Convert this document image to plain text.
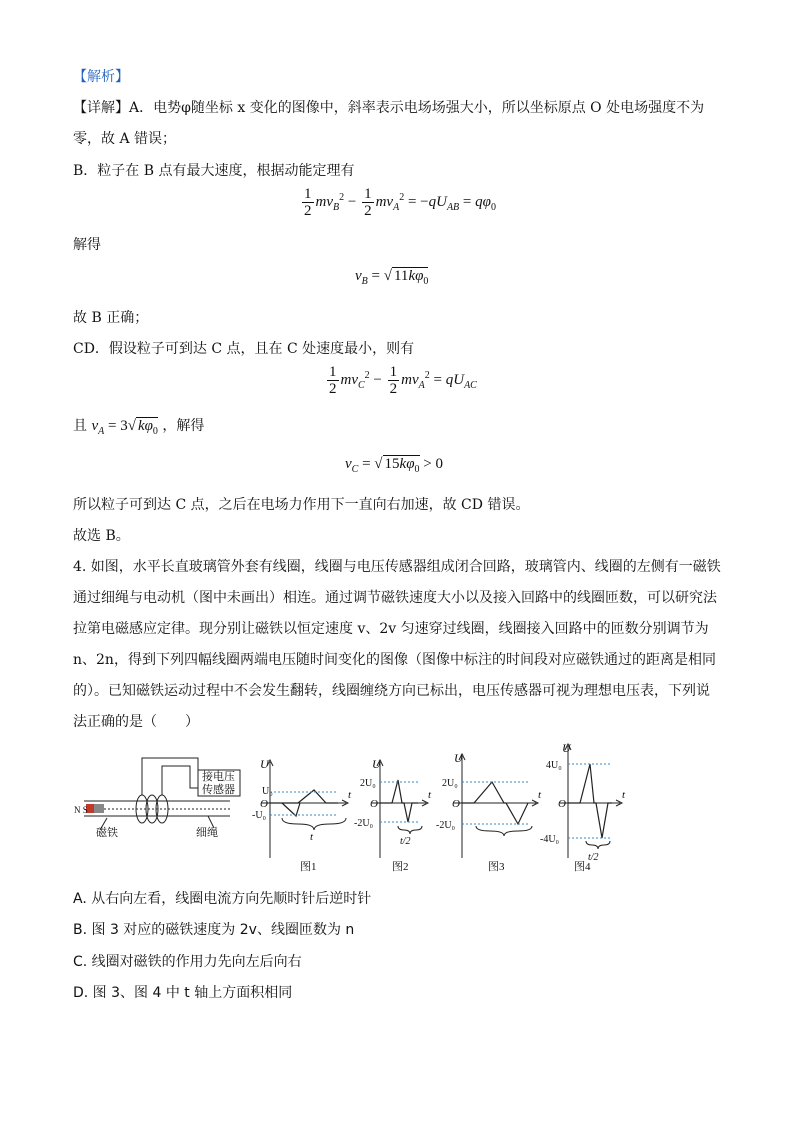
【解析】
【详解】A．电势φ随坐标 x 变化的图像中，斜率表示电场场强大小，所以坐标原点 O 处电场强度不为
零，故 A 错误；
B．粒子在 B 点有最大速度，根据动能定理有
$\frac{1}{2} mv_B^2 - \frac{1}{2} mv_A^2 = -qU_{AB} = q\varphi_0$
解得
$v_B$ = √ $11k\varphi_0$
故 B 正确；
CD．假设粒子可到达 C 点，且在 C 处速度最小，则有
$\frac{1}{2} mv_C^2 - \frac{1}{2} mv_A^2 = qU_{AC}$
且 $v_A = 3√$ $k\varphi_0$ ，解得
$v_C$ = √ $15k\varphi_0 > 0$
所以粒子可到达 C 点，之后在电场力作用下一直向右加速，故 CD 错误。
故选 B。
4. 如图，水平长直玻璃管外套有线圈，线圈与电压传感器组成闭合回路，玻璃管内、线圈的左侧有一磁铁
通过细绳与电动机（图中未画出）相连。通过调节磁铁速度大小以及接入回路中的线圈匝数，可以研究法
拉第电磁感应定律。现分别让磁铁以恒定速度 v、2v 匀速穿过线圈，线圈接入回路中的匝数分别调节为
n、2n，得到下列四幅线圈两端电压随时间变化的图像（图像中标注的时间段对应磁铁通过的距离是相同
的）。已知磁铁运动过程中不会发生翻转，线圈缠绕方向已标出，电压传感器可视为理想电压表，下列说
法正确的是（　　）
接电压
传感器
N S
磁铁	细绳
U
U₀
O
-U₀
t
t
图1
U
2U₀
O
-2U₀
t/2
t
图2
U
2U₀
O
-2U₀
t
图3
U
4U₀
O
-4U₀
t/2
t
图4
A. 从右向左看，线圈电流方向先顺时针后逆时针
B. 图 3 对应的磁铁速度为 2v、线圈匝数为 n
C. 线圈对磁铁的作用力先向左后向右
D. 图 3、图 4 中 t 轴上方面积相同
